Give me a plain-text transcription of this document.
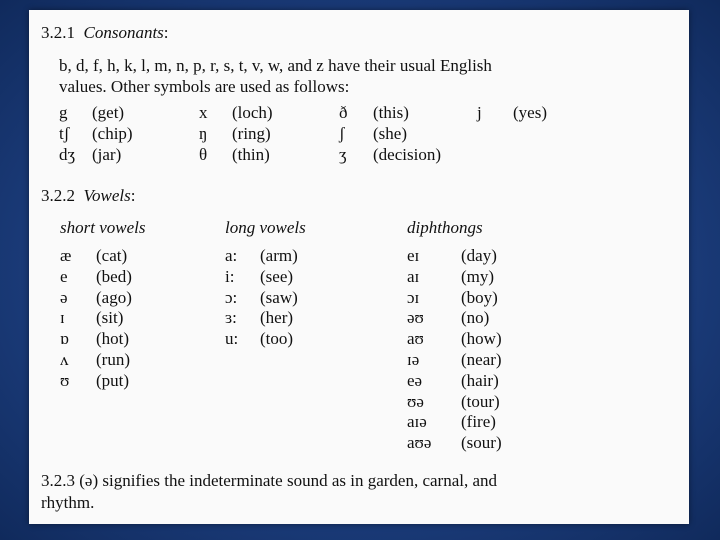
3.2.1 Consonants:
b, d, f, h, k, l, m, n, p, r, s, t, v, w, and z have their usual English
values. Other symbols are used as follows:
g (get)
tʃ (chip)
dʒ (jar)
x (loch)
ŋ (ring)
θ (thin)
ð (this)
ʃ (she)
ʒ (decision)
j (yes)
3.2.2 Vowels:
short vowels	long vowels	diphthongs
æ (cat)
e (bed)
ə (ago)
ɪ (sit)
ɒ (hot)
ʌ (run)
ʊ (put)
a: (arm)
i: (see)
ɔ: (saw)
ɜ: (her)
u: (too)
eɪ (day)
aɪ (my)
ɔɪ (boy)
əʊ (no)
aʊ (how)
ɪə (near)
eə (hair)
ʊə (tour)
aɪə (fire)
aʊə (sour)
3.2.3 (ə) signifies the indeterminate sound as in garden, carnal, and
rhythm.
